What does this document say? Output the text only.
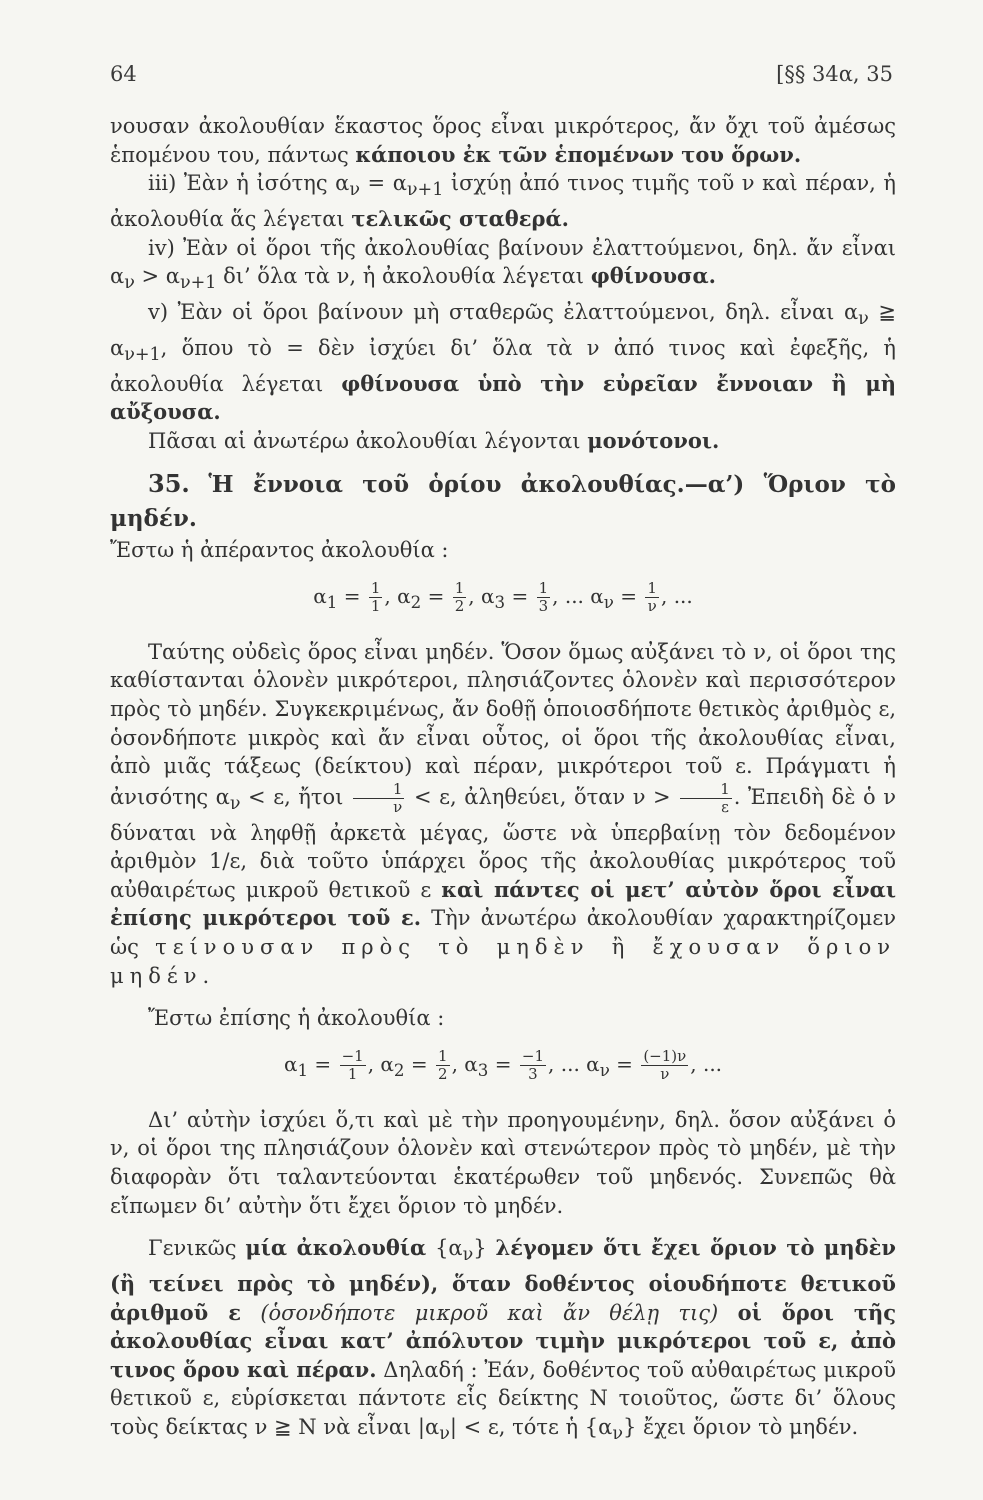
64	[§§ 34α, 35

νουσαν ἀκολουθίαν ἕκαστος ὅρος εἶναι μικρότερος, ἄν ὄχι τοῦ ἀμέσως ἑπομένου του, πάντως κάποιου ἐκ τῶν ἑπομένων του ὅρων.

iii) Ἐὰν ἡ ἰσότης $\alpha_\nu = \alpha_{\nu+1}$ ἰσχύῃ ἀπό τινος τιμῆς τοῦ ν καὶ πέραν, ἡ ἀκολουθία ἅς λέγεται τελικῶς σταθερά.

iv) Ἐὰν οἱ ὅροι τῆς ἀκολουθίας βαίνουν ἐλαττούμενοι, δηλ. ἄν εἶναι $\alpha_\nu > \alpha_{\nu+1}$ δι’ ὅλα τὰ ν, ἡ ἀκολουθία λέγεται φθίνουσα.

v) Ἐὰν οἱ ὅροι βαίνουν μὴ σταθερῶς ἐλαττούμενοι, δηλ. εἶναι $\alpha_\nu$ ≧ $\alpha_{\nu+1}$, ὅπου τὸ = δὲν ἰσχύει δι’ ὅλα τὰ ν ἀπό τινος καὶ ἐφεξῆς, ἡ ἀκολουθία λέγεται φθίνουσα ὑπὸ τὴν εὐρεῖαν ἔννοιαν ἢ μὴ αὔξουσα.

Πᾶσαι αἱ ἀνωτέρω ἀκολουθίαι λέγονται μονότονοι.

35. Ἡ ἔννοια τοῦ ὁρίου ἀκολουθίας.—α’) Ὅριον τὸ μηδέν.

Ἔστω ἡ ἀπέραντος ἀκολουθία :

$\alpha_1 = \frac{1}{1}$ , $\alpha_2 = \frac{1}{2}$ , $\alpha_3 = \frac{1}{3}$ , ... $\alpha_\nu = \frac{1}{\nu}$ , ...

Ταύτης οὐδεὶς ὅρος εἶναι μηδέν. Ὅσον ὅμως αὐξάνει τὸ ν, οἱ ὅροι της καθίστανται ὁλονὲν μικρότεροι, πλησιάζοντες ὁλονὲν καὶ περισσότερον πρὸς τὸ μηδέν. Συγκεκριμένως, ἄν δοθῇ ὁποιοσδήποτε θετικὸς ἀριθμὸς ε, ὁσονδήποτε μικρὸς καὶ ἄν εἶναι οὗτος, οἱ ὅροι τῆς ἀκολουθίας εἶναι, ἀπὸ μιᾶς τάξεως (δείκτου) καὶ πέραν, μικρότεροι τοῦ ε. Πράγματι ἡ ἀνισότης $\alpha_\nu < \varepsilon$, ἤτοι $\frac{1}{\nu} < \varepsilon$, ἀληθεύει, ὅταν $\nu > \frac{1}{\varepsilon}$ . Ἐπειδὴ δὲ ὁ ν δύναται νὰ ληφθῇ ἀρκετὰ μέγας, ὥστε νὰ ὑπερβαίνῃ τὸν δεδομένον ἀριθμὸν 1/ε, διὰ τοῦτο ὑπάρχει ὅρος τῆς ἀκολουθίας μικρότερος τοῦ αὐθαιρέτως μικροῦ θετικοῦ ε καὶ πάντες οἱ μετ’ αὐτὸν ὅροι εἶναι ἐπίσης μικρότεροι τοῦ ε. Τὴν ἀνωτέρω ἀκολουθίαν χαρακτηρίζομεν ὡς τείνουσαν πρὸς τὸ μηδὲν ἢ ἔχουσαν ὅριον μηδέν.

Ἔστω ἐπίσης ἡ ἀκολουθία :

$\alpha_1 = \frac{-1}{1}$ , $\alpha_2 = \frac{1}{2}$ , $\alpha_3 = \frac{-1}{3}$ , ... $\alpha_\nu = \frac{(-1)\nu}{\nu}$ , ...

Δι’ αὐτὴν ἰσχύει ὅ,τι καὶ μὲ τὴν προηγουμένην, δηλ. ὅσον αὐξάνει ὁ ν, οἱ ὅροι της πλησιάζουν ὁλονὲν καὶ στενώτερον πρὸς τὸ μηδέν, μὲ τὴν διαφορὰν ὅτι ταλαντεύονται ἑκατέρωθεν τοῦ μηδενός. Συνεπῶς θὰ εἴπωμεν δι’ αὐτὴν ὅτι ἔχει ὅριον τὸ μηδέν.

Γενικῶς μία ἀκολουθία $\{\alpha_\nu\}$ λέγομεν ὅτι ἔχει ὅριον τὸ μηδὲν (ἢ τείνει πρὸς τὸ μηδέν), ὅταν δοθέντος οἱουδήποτε θετικοῦ ἀριθμοῦ ε (ὁσονδήποτε μικροῦ καὶ ἄν θέλῃ τις) οἱ ὅροι τῆς ἀκολουθίας εἶναι κατ’ ἀπόλυτον τιμὴν μικρότεροι τοῦ ε, ἀπὸ τινος ὅρου καὶ πέραν. Δηλαδή : Ἐάν, δοθέντος τοῦ αὐθαιρέτως μικροῦ θετικοῦ ε, εὑρίσκεται πάντοτε εἷς δείκτης N τοιοῦτος, ὥστε δι’ ὅλους τοὺς δείκτας ν ≧ N νὰ εἶναι $|\alpha_\nu| < \varepsilon$, τότε ἡ $\{\alpha_\nu\}$ ἔχει ὅριον τὸ μηδέν.
